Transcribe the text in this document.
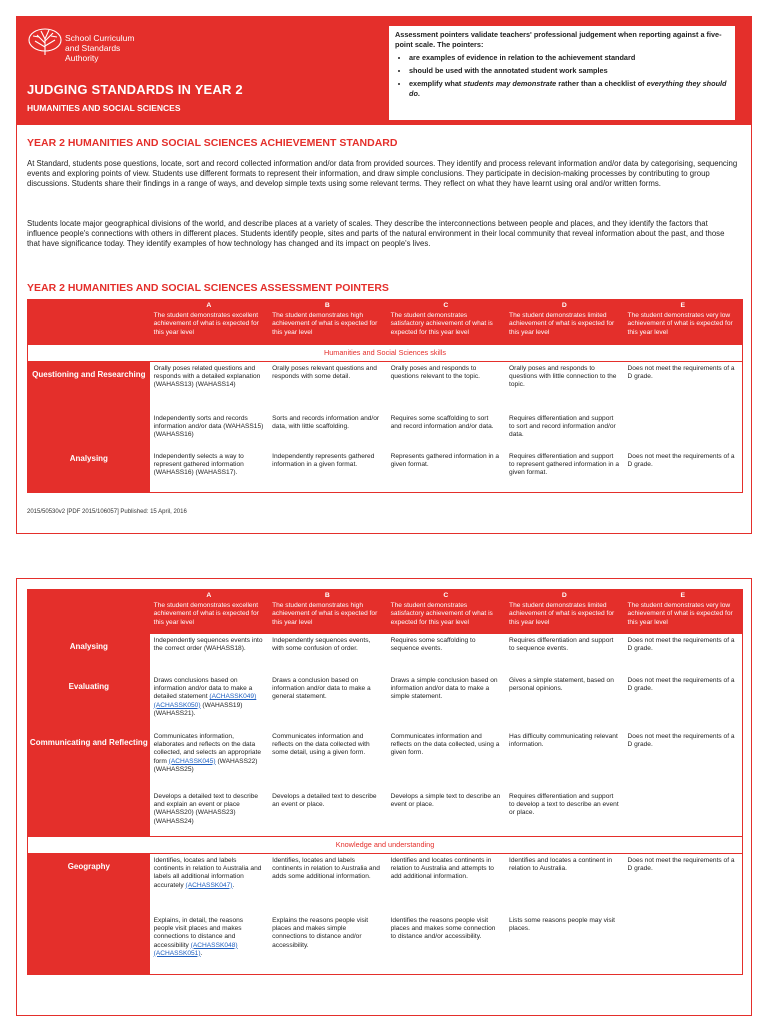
School Curriculum
and Standards
Authority
JUDGING STANDARDS IN YEAR 2
HUMANITIES AND SOCIAL SCIENCES

Assessment pointers validate teachers' professional judgement when reporting against a five-point scale. The pointers:

• are examples of evidence in relation to the achievement standard
• should be used with the annotated student work samples
• exemplify what students may demonstrate rather than a checklist of everything they should do.
YEAR 2 HUMANITIES AND SOCIAL SCIENCES ACHIEVEMENT STANDARD
At Standard, students pose questions, locate, sort and record collected information and/or data from provided sources. They identify and process relevant information and/or data by categorising, sequencing events and exploring points of view. Students use different formats to represent their information, and draw simple conclusions. They participate in decision-making processes by contributing to group discussions. Students share their findings in a range of ways, and develop simple texts using some relevant terms. They reflect on what they have learnt using oral and/or written forms.
Students locate major geographical divisions of the world, and describe places at a variety of scales. They describe the interconnections between people and places, and they identify the factors that influence people's connections with others in different places. Students identify people, sites and parts of the natural environment in their local community that reveal information about the past, and those that have significance today. They identify examples of how technology has changed and its impact on people's lives.
YEAR 2 HUMANITIES AND SOCIAL SCIENCES ASSESSMENT POINTERS
A
The student demonstrates excellent achievement of what is expected for this year level
B
The student demonstrates high achievement of what is expected for this year level
C
The student demonstrates satisfactory achievement of what is expected for this year level
D
The student demonstrates limited achievement of what is expected for this year level
E
The student demonstrates very low achievement of what is expected for this year level
Humanities and Social Sciences skills
Questioning and Researching
Orally poses related questions and responds with a detailed explanation (WAHASS13) (WAHASS14)
Orally poses relevant questions and responds with some detail.
Orally poses and responds to questions relevant to the topic.
Orally poses and responds to questions with little connection to the topic.
Does not meet the requirements of a D grade.
Independently sorts and records information and/or data (WAHASS15) (WAHASS16)
Sorts and records information and/or data, with little scaffolding.
Requires some scaffolding to sort and record information and/or data.
Requires differentiation and support to sort and record information and/or data.
Analysing	Independently selects a way to represent gathered information (WAHASS16) (WAHASS17).
Independently represents gathered information in a given format.
Represents gathered information in a given format.
Requires differentiation and support to represent gathered information in a given format.
Does not meet the requirements of a D grade.
2015/50530v2 [PDF 2015/106057] Published: 15 April, 2016
A
The student demonstrates excellent achievement of what is expected for this year level
B
The student demonstrates high achievement of what is expected for this year level
C
The student demonstrates satisfactory achievement of what is expected for this year level
D
The student demonstrates limited achievement of what is expected for this year level
E
The student demonstrates very low achievement of what is expected for this year level
Analysing
Independently sequences events into the correct order (WAHASS18).
Independently sequences events, with some confusion of order.
Requires some scaffolding to sequence events.
Requires differentiation and support to sequence events.
Does not meet the requirements of a D grade.
Evaluating
Draws conclusions based on information and/or data to make a detailed statement (ACHASSK049)(ACHASSK050) (WAHASS19) (WAHASS21).
Draws a conclusion based on information and/or data to make a general statement.
Draws a simple conclusion based on information and/or data to make a simple statement.
Gives a simple statement, based on personal opinions.
Does not meet the requirements of a D grade.
Communicating and Reflecting
Communicates information, elaborates and reflects on the data collected, and selects an appropriate form (ACHASSK045) (WAHASS22) (WAHASS25)
Communicates information and reflects on the data collected with some detail, using a given form.
Communicates information and reflects on the data collected, using a given form.
Has difficulty communicating relevant information.
Does not meet the requirements of a D grade.
Develops a detailed text to describe and explain an event or place (WAHASS20) (WAHASS23) (WAHASS24)
Develops a detailed text to describe an event or place.
Develops a simple text to describe an event or place.
Requires differentiation and support to develop a text to describe an event or place.
Knowledge and understanding
Geography
Identifies, locates and labels continents in relation to Australia and labels all additional information accurately (ACHASSK047).
Identifies, locates and labels continents in relation to Australia and adds some additional information.
Identifies and locates continents in relation to Australia and attempts to add additional information.
Identifies and locates a continent in relation to Australia.
Does not meet the requirements of a D grade.
Explains, in detail, the reasons people visit places and makes connections to distance and accessibility (ACHASSK048) (ACHASSK051).
Explains the reasons people visit places and makes simple connections to distance and/or accessibility.
Identifies the reasons people visit places and makes some connection to distance and/or accessibility.
Lists some reasons people may visit places.
